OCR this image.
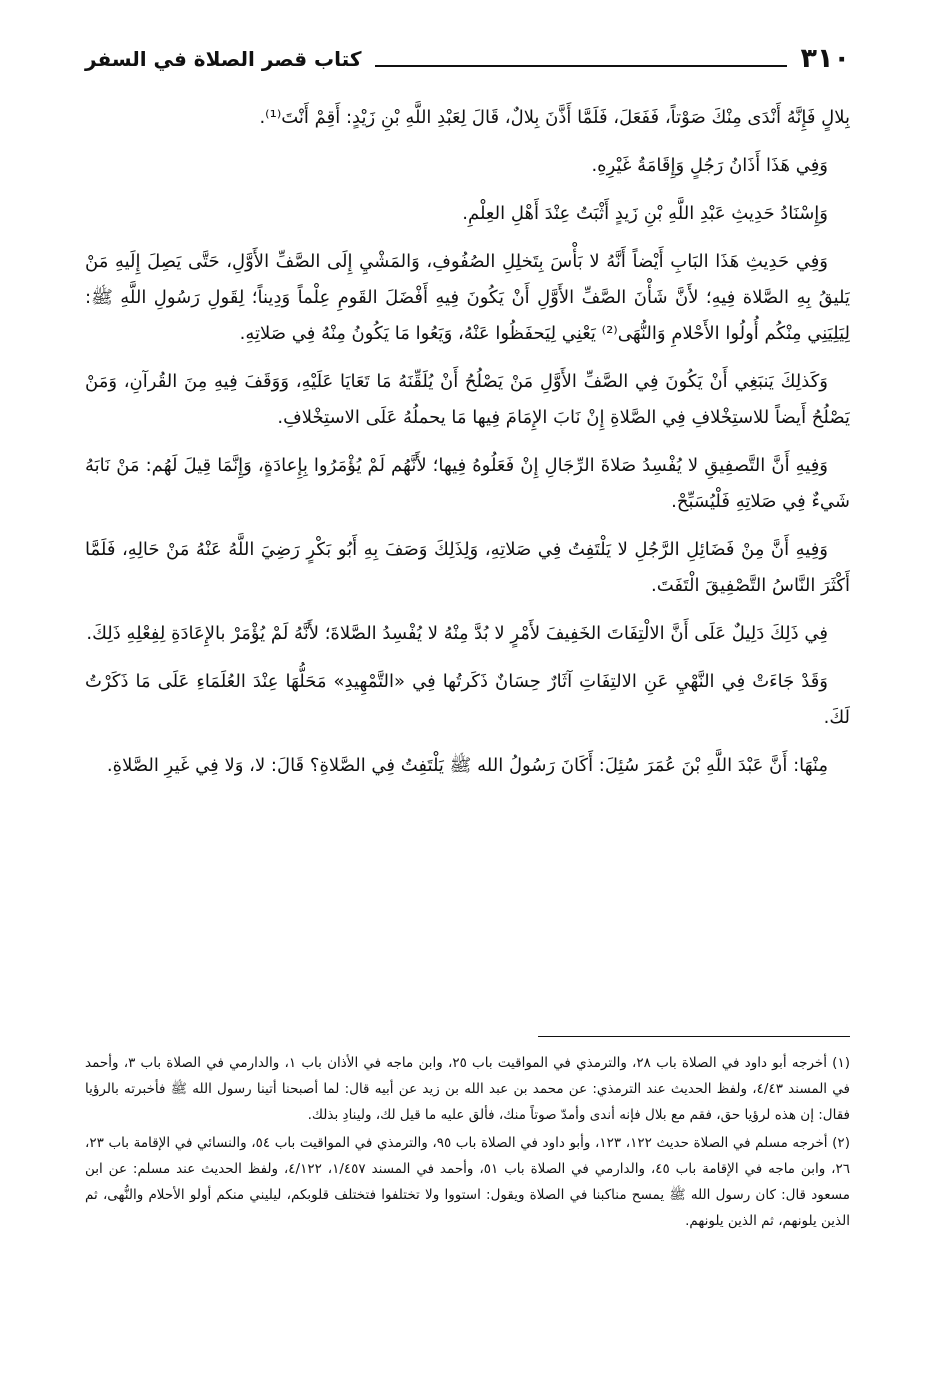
٣١٠
كتاب قصر الصلاة في السفر

بِلالٍ فَإِنَّهُ أَنْدَى مِنْكَ صَوْتاً، فَفَعَلَ، فَلَمَّا أَذَّنَ بِلالٌ، قَالَ لِعَبْدِ اللَّهِ بْنِ زَيْدٍ: أَقِمْ أَنْتَ⁽¹⁾.

وَفِي هَذَا أَذَانُ رَجُلٍ وَإِقَامَةُ غَيْرِهِ.

وَإِسْنَادُ حَدِيثِ عَبْدِ اللَّهِ بْنِ زَيدٍ أَثْبَتُ عِنْدَ أَهْلِ العِلْمِ.

وَفِي حَدِيثِ هَذَا البَابِ أَيْضاً أَنَّهُ لا بَأْسَ بِتَخلِلِ الصُفُوفِ، وَالمَشْيِ إِلَى الصَّفِّ الأَوَّلِ، حَتَّى يَصِلَ إِلَيهِ مَنْ يَليقُ بِهِ الصَّلاة فِيهِ؛ لأَنَّ شَأْنَ الصَّفِّ الأَوَّلِ أَنْ يَكُونَ فِيهِ أَفْضَلَ القَومِ عِلْماً وَدِيناً؛ لِقَولِ رَسُولِ اللَّهِ ﷺ: لِيَلِيَنِي مِنْكُم أُولُوا الأَحْلامِ وَالنُّهَى⁽²⁾ يَعْنِي لِيَحفَظُوا عَنْهُ، وَيَعُوا مَا يَكُونُ مِنْهُ فِي صَلاتِهِ.

وَكَذلِكَ يَنبَغِي أَنْ يَكُونَ فِي الصَّفِّ الأَوَّلِ مَنْ يَصْلُحُ أَنْ يُلَقِّنَهُ مَا تَعَايَا عَلَيْهِ، وَوَقَفَ فِيهِ مِنَ القُرآنِ، وَمَنْ يَصْلُحُ أَيضاً للاستِخْلافِ فِي الصَّلاةِ إِنْ نَابَ الإِمَامَ فِيها مَا يحملُهُ عَلَى الاستِخْلافِ.

وَفِيهِ أَنَّ التَّصفِيقِ لا يُفْسِدُ صَلاةَ الرِّجَالِ إِنْ فَعَلُوهُ فِيها؛ لأَنَّهُم لَمْ يُؤْمَرُوا بِإِعادَةٍ، وَإِنَّمَا قِيلَ لَهُم: مَنْ نَابَهُ شَيءٌ فِي صَلاتِهِ فَلْيُسَبِّحْ.

وَفِيهِ أَنَّ مِنْ فَضَائِلِ الرَّجُلِ لا يَلْتَفِتُ فِي صَلاتِهِ، وَلِذَلِكَ وَصَفَ بِهِ أَبُو بَكْرٍ رَضِيَ اللَّهُ عَنْهُ مَنْ حَالِهِ، فَلَمَّا أَكْثَرَ النَّاسُ التَّصْفِيقَ الْتَفَتَ.

فِي ذَلِكَ دَلِيلٌ عَلَى أَنَّ الالْتِفَاتَ الخَفِيفَ لأَمْرٍ لا بُدَّ مِنْهُ لا يُفْسِدُ الصَّلاةَ؛ لأَنَّهُ لَمْ يُؤْمَرْ بالإِعَادَةِ لِفِعْلِهِ ذَلِكَ.

وَقَدْ جَاءَتْ فِي النَّهْيِ عَنِ الالتِفَاتِ آثَارٌ حِسَانٌ ذَكَرتُها فِي «التَّمْهِيدِ» مَحَلُّهَا عِنْدَ العُلَمَاءِ عَلَى مَا ذَكَرْتُ لَكَ.

مِنْهَا: أَنَّ عَبْدَ اللَّهِ بْنَ عُمَرَ سُئِلَ: أَكَانَ رَسُولُ الله ﷺ يَلْتَفِتُ فِي الصَّلاةِ؟ قَالَ: لا، وَلا فِي غَيرِ الصَّلاةِ.

(١) أخرجه أبو داود في الصلاة باب ٢٨، والترمذي في المواقيت باب ٢٥، وابن ماجه في الأذان باب ١، والدارمي في الصلاة باب ٣، وأحمد في المسند ٤/٤٣، ولفظ الحديث عند الترمذي: عن محمد بن عبد الله بن زيد عن أبيه قال: لما أصبحنا أتينا رسول الله ﷺ فأخبرته بالرؤيا فقال: إن هذه لرؤيا حق، فقم مع بلال فإنه أندى وأمدّ صوتاً منك، فألق عليه ما قيل لك، ولينادِ بذلك.

(٢) أخرجه مسلم في الصلاة حديث ١٢٢، ١٢٣، وأبو داود في الصلاة باب ٩٥، والترمذي في المواقيت باب ٥٤، والنسائي في الإقامة باب ٢٣، ٢٦، وابن ماجه في الإقامة باب ٤٥، والدارمي في الصلاة باب ٥١، وأحمد في المسند ١/٤٥٧، ٤/١٢٢، ولفظ الحديث عند مسلم: عن ابن مسعود قال: كان رسول الله ﷺ يمسح مناكبنا في الصلاة ويقول: استووا ولا تختلفوا فتختلف قلوبكم، ليليني منكم أولو الأحلام والنُّهى، ثم الذين يلونهم، ثم الذين يلونهم.
